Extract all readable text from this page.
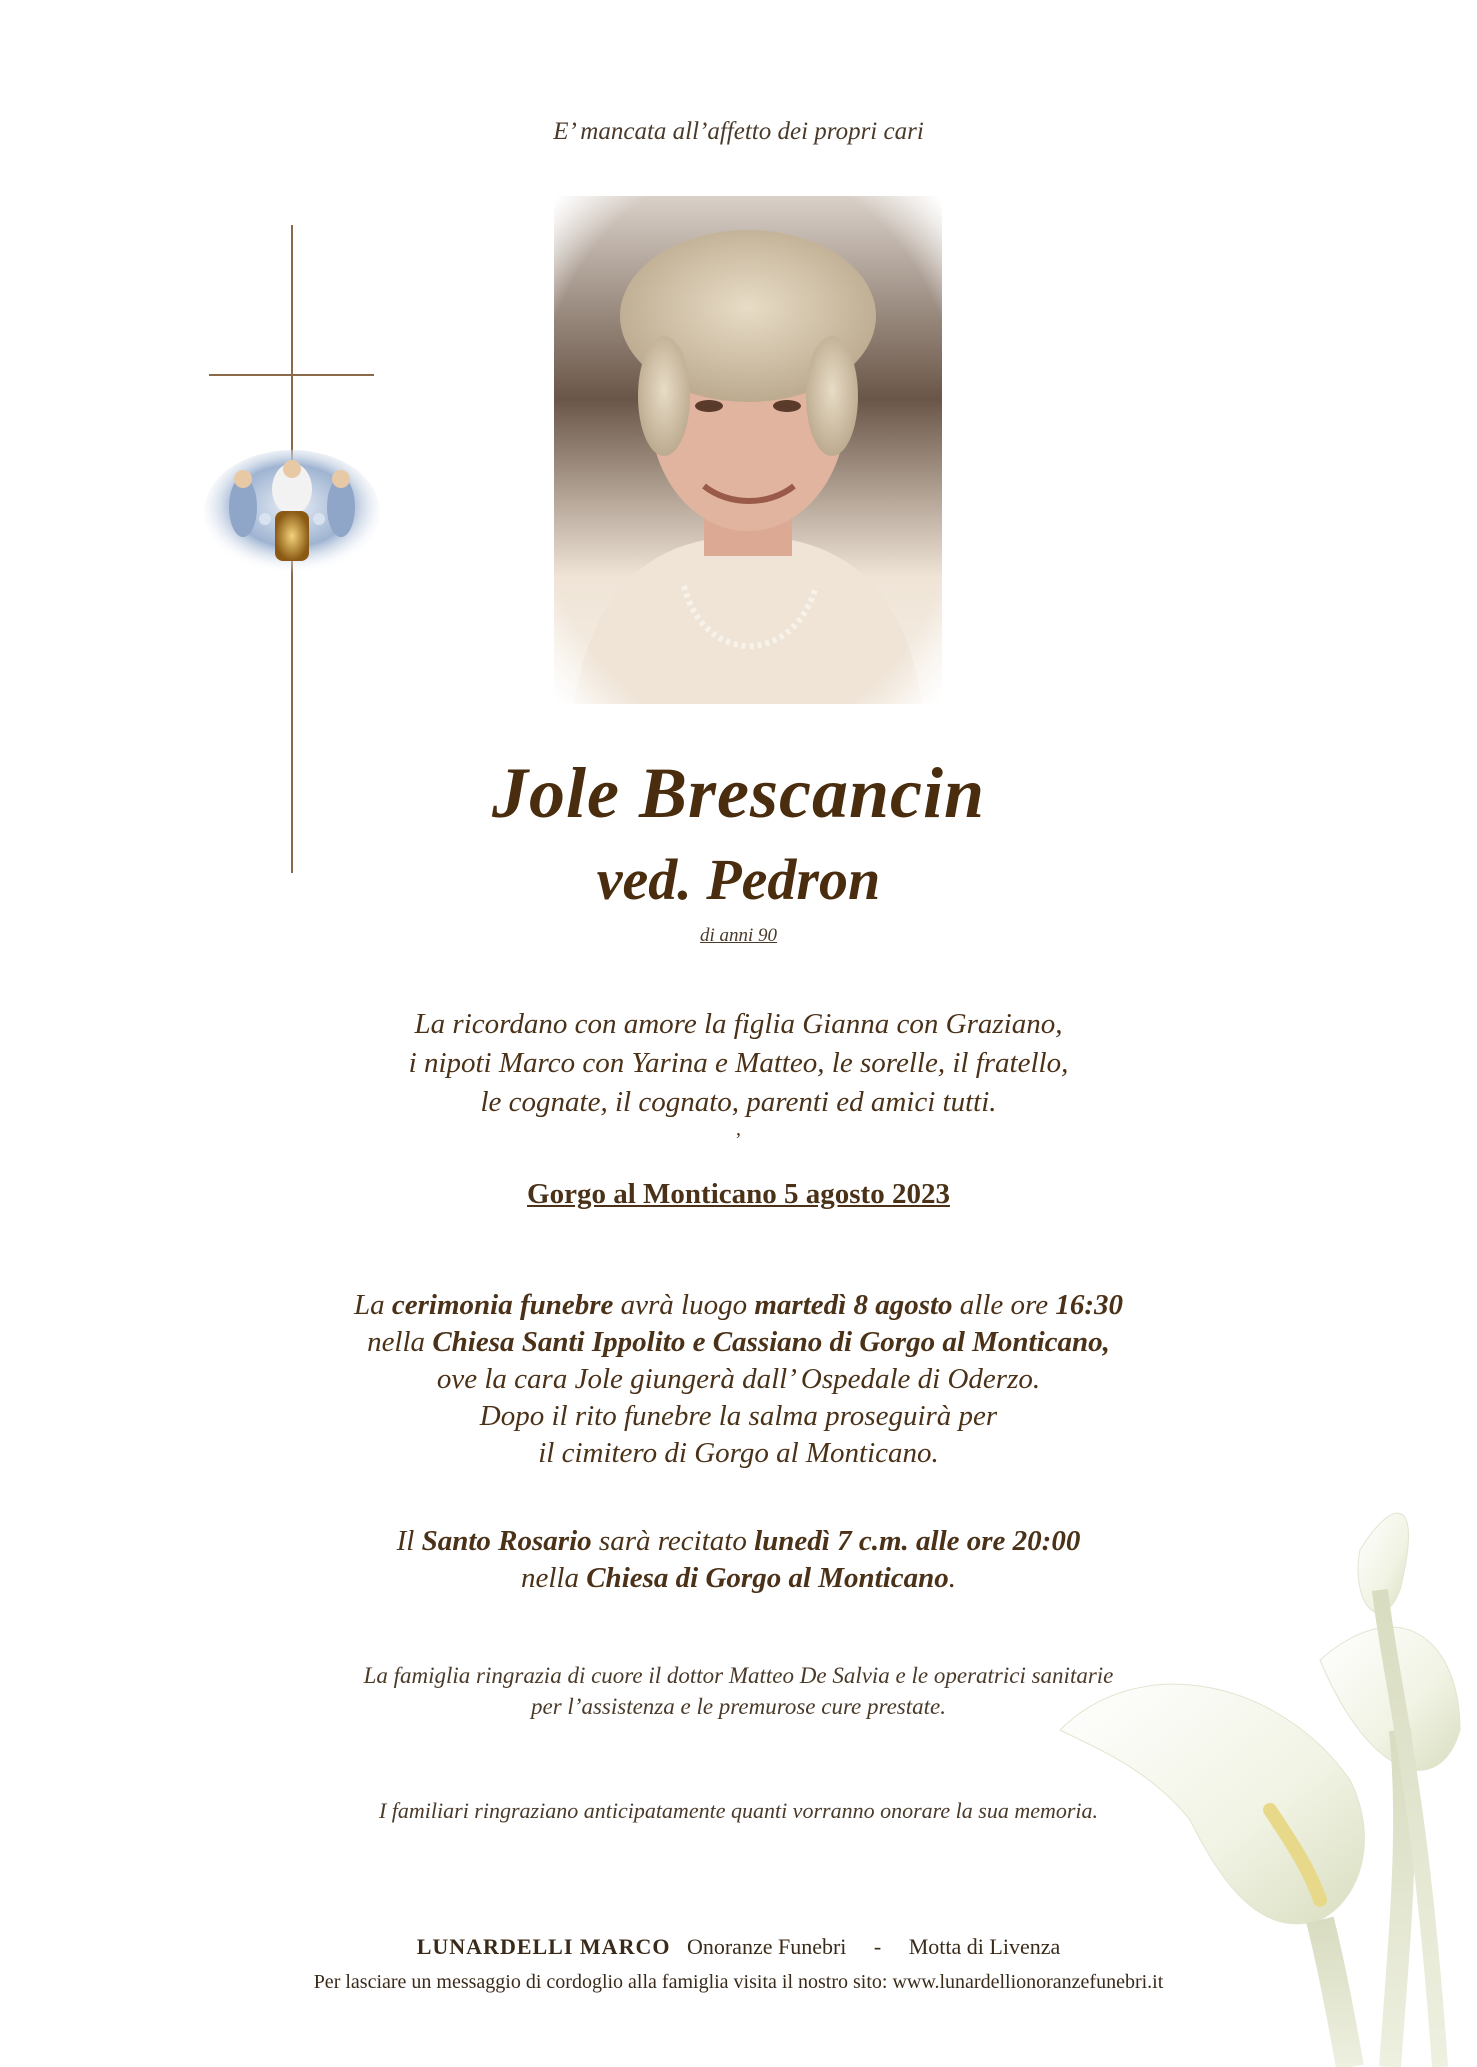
E’ mancata all’affetto dei propri cari
Jole Brescancin
ved. Pedron
di anni 90
La ricordano con amore la figlia Gianna con Graziano,
i nipoti Marco con Yarina e Matteo, le sorelle, il fratello,
le cognate, il cognato, parenti ed amici tutti.
,
Gorgo al Monticano 5 agosto 2023
La cerimonia funebre avrà luogo martedì 8 agosto alle ore 16:30
nella Chiesa Santi Ippolito e Cassiano di Gorgo al Monticano,
ove la cara Jole giungerà dall’ Ospedale di Oderzo.
Dopo il rito funebre la salma proseguirà per
il cimitero di Gorgo al Monticano.
Il Santo Rosario sarà recitato lunedì 7 c.m. alle ore 20:00
nella Chiesa di Gorgo al Monticano.
La famiglia ringrazia di cuore il dottor Matteo De Salvia e le operatrici sanitarie
per l’assistenza e le premurose cure prestate.
I familiari ringraziano anticipatamente quanti vorranno onorare la sua memoria.
LUNARDELLI MARCO Onoranze Funebri - Motta di Livenza
Per lasciare un messaggio di cordoglio alla famiglia visita il nostro sito: www.lunardellionoranzefunebri.it
